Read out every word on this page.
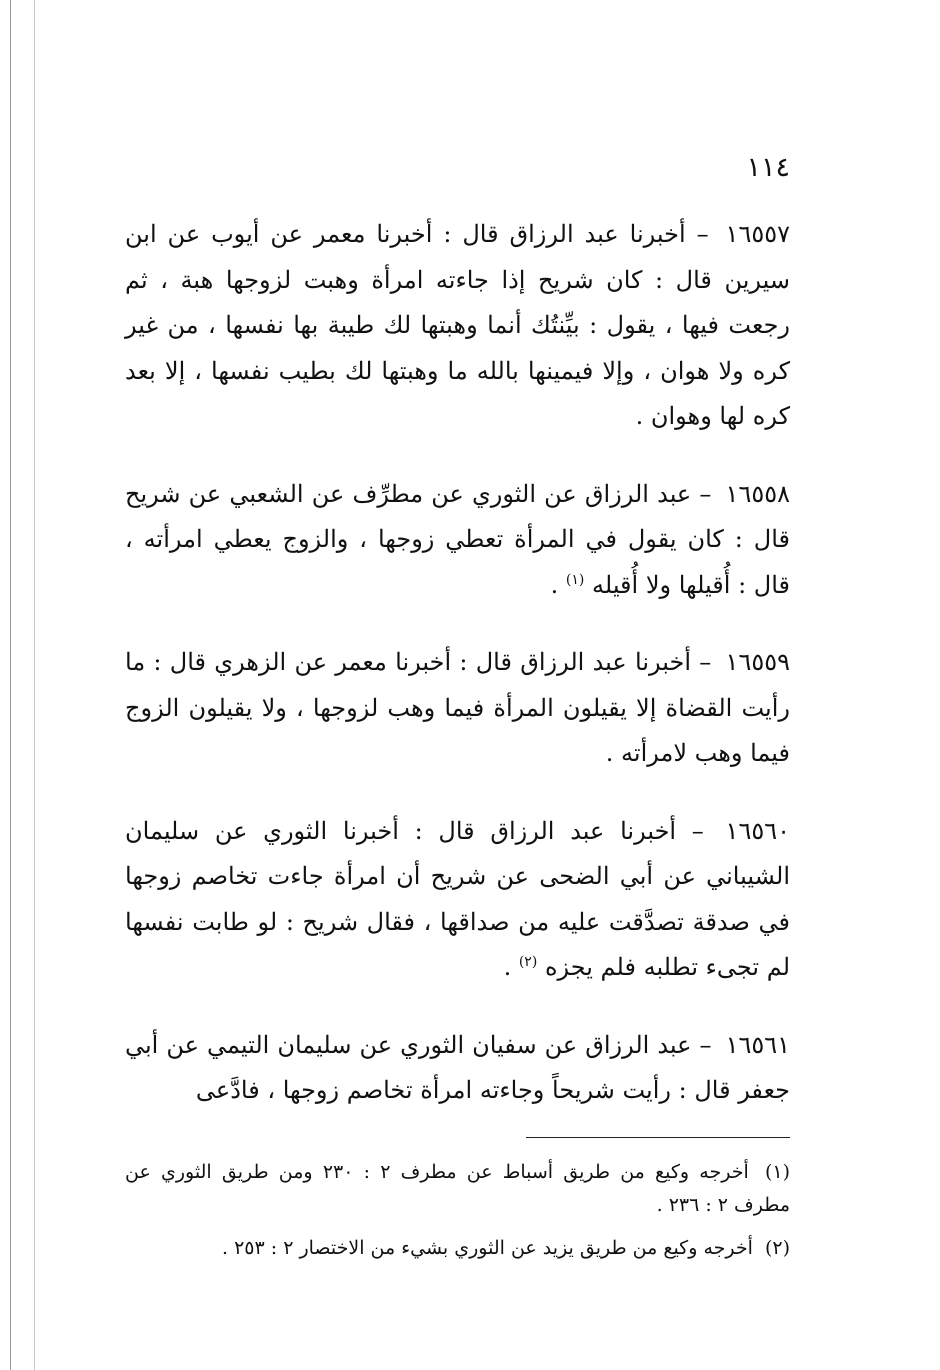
١١٤

١٦٥٥٧ – أخبرنا عبد الرزاق قال : أخبرنا معمر عن أيوب عن ابن سيرين قال : كان شريح إذا جاءته امرأة وهبت لزوجها هبة ، ثم رجعت فيها ، يقول : بيِّنتُك أنما وهبتها لك طيبة بها نفسها ، من غير كره ولا هوان ، وإلا فيمينها بالله ما وهبتها لك بطيب نفسها ، إلا بعد كره لها وهوان .

١٦٥٥٨ – عبد الرزاق عن الثوري عن مطرِّف عن الشعبي عن شريح قال : كان يقول في المرأة تعطي زوجها ، والزوج يعطي امرأته ، قال : أُقيلها ولا أُقيله $^{(١)}$ .

١٦٥٥٩ – أخبرنا عبد الرزاق قال : أخبرنا معمر عن الزهري قال : ما رأيت القضاة إلا يقيلون المرأة فيما وهب لزوجها ، ولا يقيلون الزوج فيما وهب لامرأته .

١٦٥٦٠ – أخبرنا عبد الرزاق قال : أخبرنا الثوري عن سليمان الشيباني عن أبي الضحى عن شريح أن امرأة جاءت تخاصم زوجها في صدقة تصدَّقت عليه من صداقها ، فقال شريح : لو طابت نفسها لم تجىء تطلبه فلم يجزه $^{(٢)}$ .

١٦٥٦١ – عبد الرزاق عن سفيان الثوري عن سليمان التيمي عن أبي جعفر قال : رأيت شريحاً وجاءته امرأة تخاصم زوجها ، فادَّعى

(١) أخرجه وكيع من طريق أسباط عن مطرف ٢ : ٢٣٠ ومن طريق الثوري عن مطرف ٢ : ٢٣٦ .

(٢) أخرجه وكيع من طريق يزيد عن الثوري بشيء من الاختصار ٢ : ٢٥٣ .
